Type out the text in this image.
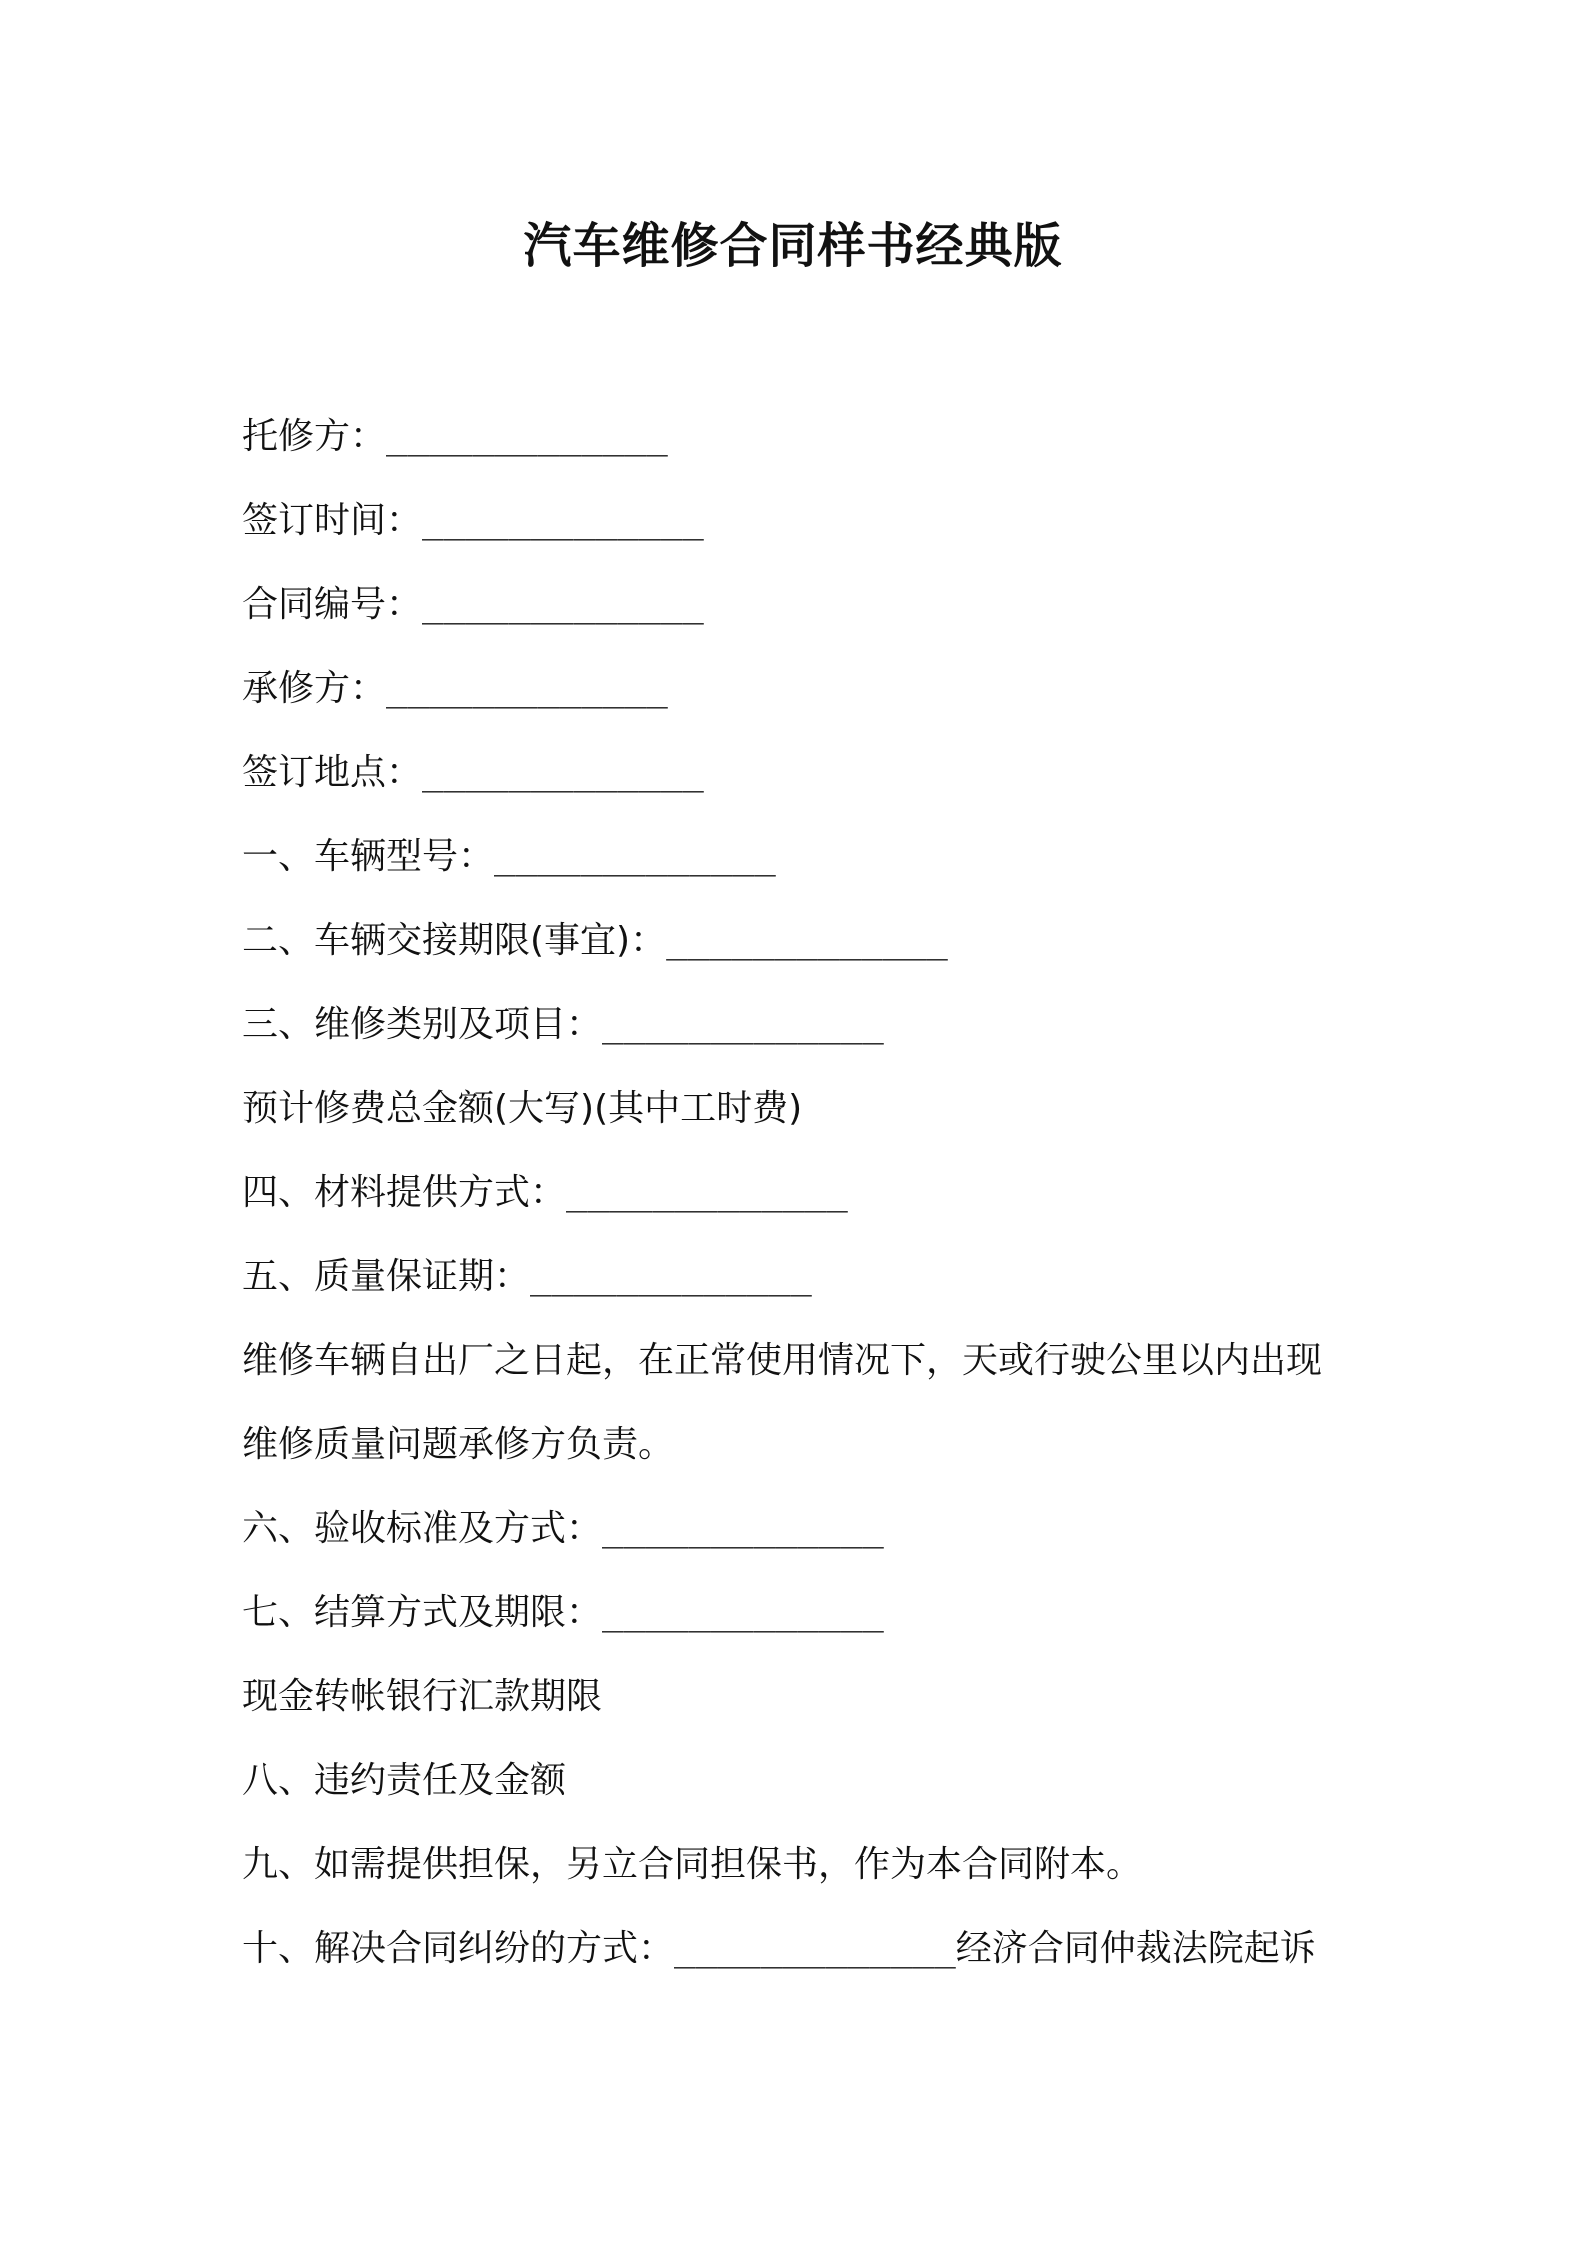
汽车维修合同样书经典版
托修方：_____________
签订时间：_____________
合同编号：_____________
承修方：_____________
签订地点：_____________
一、车辆型号：_____________
二、车辆交接期限(事宜)：_____________
三、维修类别及项目：_____________
预计修费总金额(大写)(其中工时费)
四、材料提供方式：_____________
五、质量保证期：_____________
维修车辆自出厂之日起，在正常使用情况下，天或行驶公里以内出现
维修质量问题承修方负责。
六、验收标准及方式：_____________
七、结算方式及期限：_____________
现金转帐银行汇款期限
八、违约责任及金额
九、如需提供担保，另立合同担保书，作为本合同附本。
十、解决合同纠纷的方式：_____________经济合同仲裁法院起诉
